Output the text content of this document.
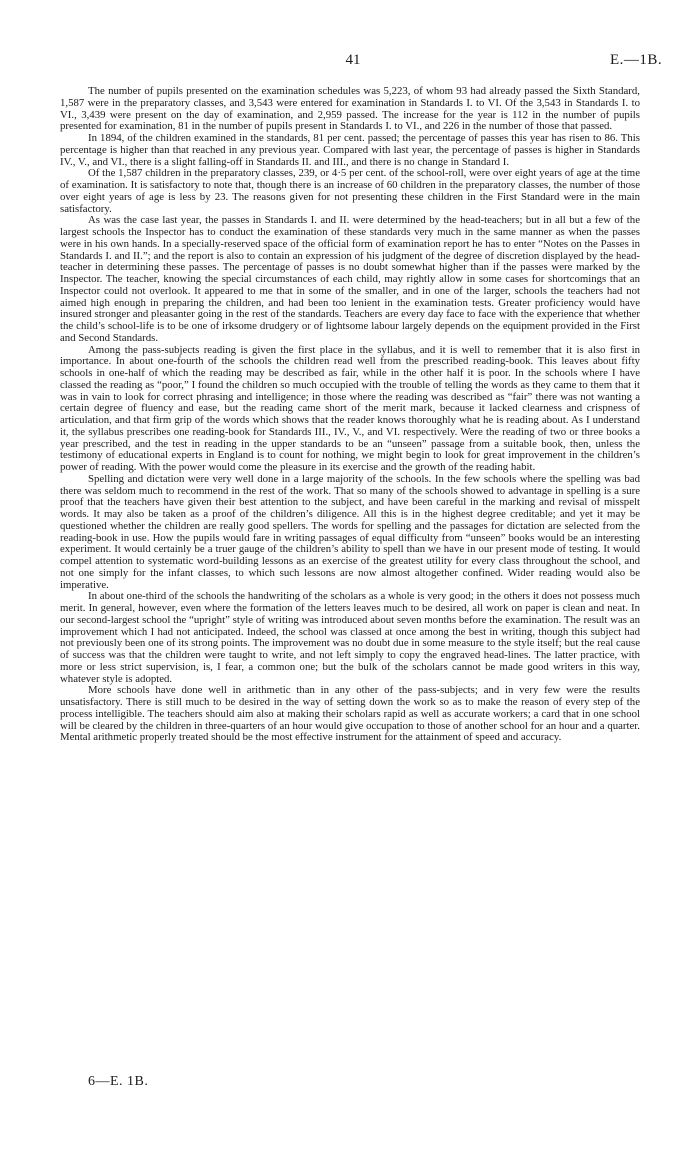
41	E.—1B.

The number of pupils presented on the examination schedules was 5,223, of whom 93 had already passed the Sixth Standard, 1,587 were in the preparatory classes, and 3,543 were entered for examination in Standards I. to VI. Of the 3,543 in Standards I. to VI., 3,439 were present on the day of examination, and 2,959 passed. The increase for the year is 112 in the number of pupils presented for examination, 81 in the number of pupils present in Standards I. to VI., and 226 in the number of those that passed.

In 1894, of the children examined in the standards, 81 per cent. passed; the percentage of passes this year has risen to 86. This percentage is higher than that reached in any previous year. Compared with last year, the percentage of passes is higher in Standards IV., V., and VI., there is a slight falling-off in Standards II. and III., and there is no change in Standard I.

Of the 1,587 children in the preparatory classes, 239, or 4·5 per cent. of the school-roll, were over eight years of age at the time of examination. It is satisfactory to note that, though there is an increase of 60 children in the preparatory classes, the number of those over eight years of age is less by 23. The reasons given for not presenting these children in the First Standard were in the main satisfactory.

As was the case last year, the passes in Standards I. and II. were determined by the head-teachers; but in all but a few of the largest schools the Inspector has to conduct the examination of these standards very much in the same manner as when the passes were in his own hands. In a specially-reserved space of the official form of examination report he has to enter “Notes on the Passes in Standards I. and II.”; and the report is also to contain an expression of his judgment of the degree of discretion displayed by the head-teacher in determining these passes. The percentage of passes is no doubt somewhat higher than if the passes were marked by the Inspector. The teacher, knowing the special circumstances of each child, may rightly allow in some cases for shortcomings that an Inspector could not overlook. It appeared to me that in some of the smaller, and in one of the larger, schools the teachers had not aimed high enough in preparing the children, and had been too lenient in the examination tests. Greater proficiency would have insured stronger and pleasanter going in the rest of the standards. Teachers are every day face to face with the experience that whether the child’s school-life is to be one of irksome drudgery or of lightsome labour largely depends on the equipment provided in the First and Second Standards.

Among the pass-subjects reading is given the first place in the syllabus, and it is well to remember that it is also first in importance. In about one-fourth of the schools the children read well from the prescribed reading-book. This leaves about fifty schools in one-half of which the reading may be described as fair, while in the other half it is poor. In the schools where I have classed the reading as “poor,” I found the children so much occupied with the trouble of telling the words as they came to them that it was in vain to look for correct phrasing and intelligence; in those where the reading was described as “fair” there was not wanting a certain degree of fluency and ease, but the reading came short of the merit mark, because it lacked clearness and crispness of articulation, and that firm grip of the words which shows that the reader knows thoroughly what he is reading about. As I understand it, the syllabus prescribes one reading-book for Standards III., IV., V., and VI. respectively. Were the reading of two or three books a year prescribed, and the test in reading in the upper standards to be an “unseen” passage from a suitable book, then, unless the testimony of educational experts in England is to count for nothing, we might begin to look for great improvement in the children’s power of reading. With the power would come the pleasure in its exercise and the growth of the reading habit.

Spelling and dictation were very well done in a large majority of the schools. In the few schools where the spelling was bad there was seldom much to recommend in the rest of the work. That so many of the schools showed to advantage in spelling is a sure proof that the teachers have given their best attention to the subject, and have been careful in the marking and revisal of misspelt words. It may also be taken as a proof of the children’s diligence. All this is in the highest degree creditable; and yet it may be questioned whether the children are really good spellers. The words for spelling and the passages for dictation are selected from the reading-book in use. How the pupils would fare in writing passages of equal difficulty from “unseen” books would be an interesting experiment. It would certainly be a truer gauge of the children’s ability to spell than we have in our present mode of testing. It would compel attention to systematic word-building lessons as an exercise of the greatest utility for every class throughout the school, and not one simply for the infant classes, to which such lessons are now almost altogether confined. Wider reading would also be imperative.

In about one-third of the schools the handwriting of the scholars as a whole is very good; in the others it does not possess much merit. In general, however, even where the formation of the letters leaves much to be desired, all work on paper is clean and neat. In our second-largest school the “upright” style of writing was introduced about seven months before the examination. The result was an improvement which I had not anticipated. Indeed, the school was classed at once among the best in writing, though this subject had not previously been one of its strong points. The improvement was no doubt due in some measure to the style itself; but the real cause of success was that the children were taught to write, and not left simply to copy the engraved head-lines. The latter practice, with more or less strict supervision, is, I fear, a common one; but the bulk of the scholars cannot be made good writers in this way, whatever style is adopted.

More schools have done well in arithmetic than in any other of the pass-subjects; and in very few were the results unsatisfactory. There is still much to be desired in the way of setting down the work so as to make the reason of every step of the process intelligible. The teachers should aim also at making their scholars rapid as well as accurate workers; a card that in one school will be cleared by the children in three-quarters of an hour would give occupation to those of another school for an hour and a quarter. Mental arithmetic properly treated should be the most effective instrument for the attainment of speed and accuracy.

6—E. 1B.
